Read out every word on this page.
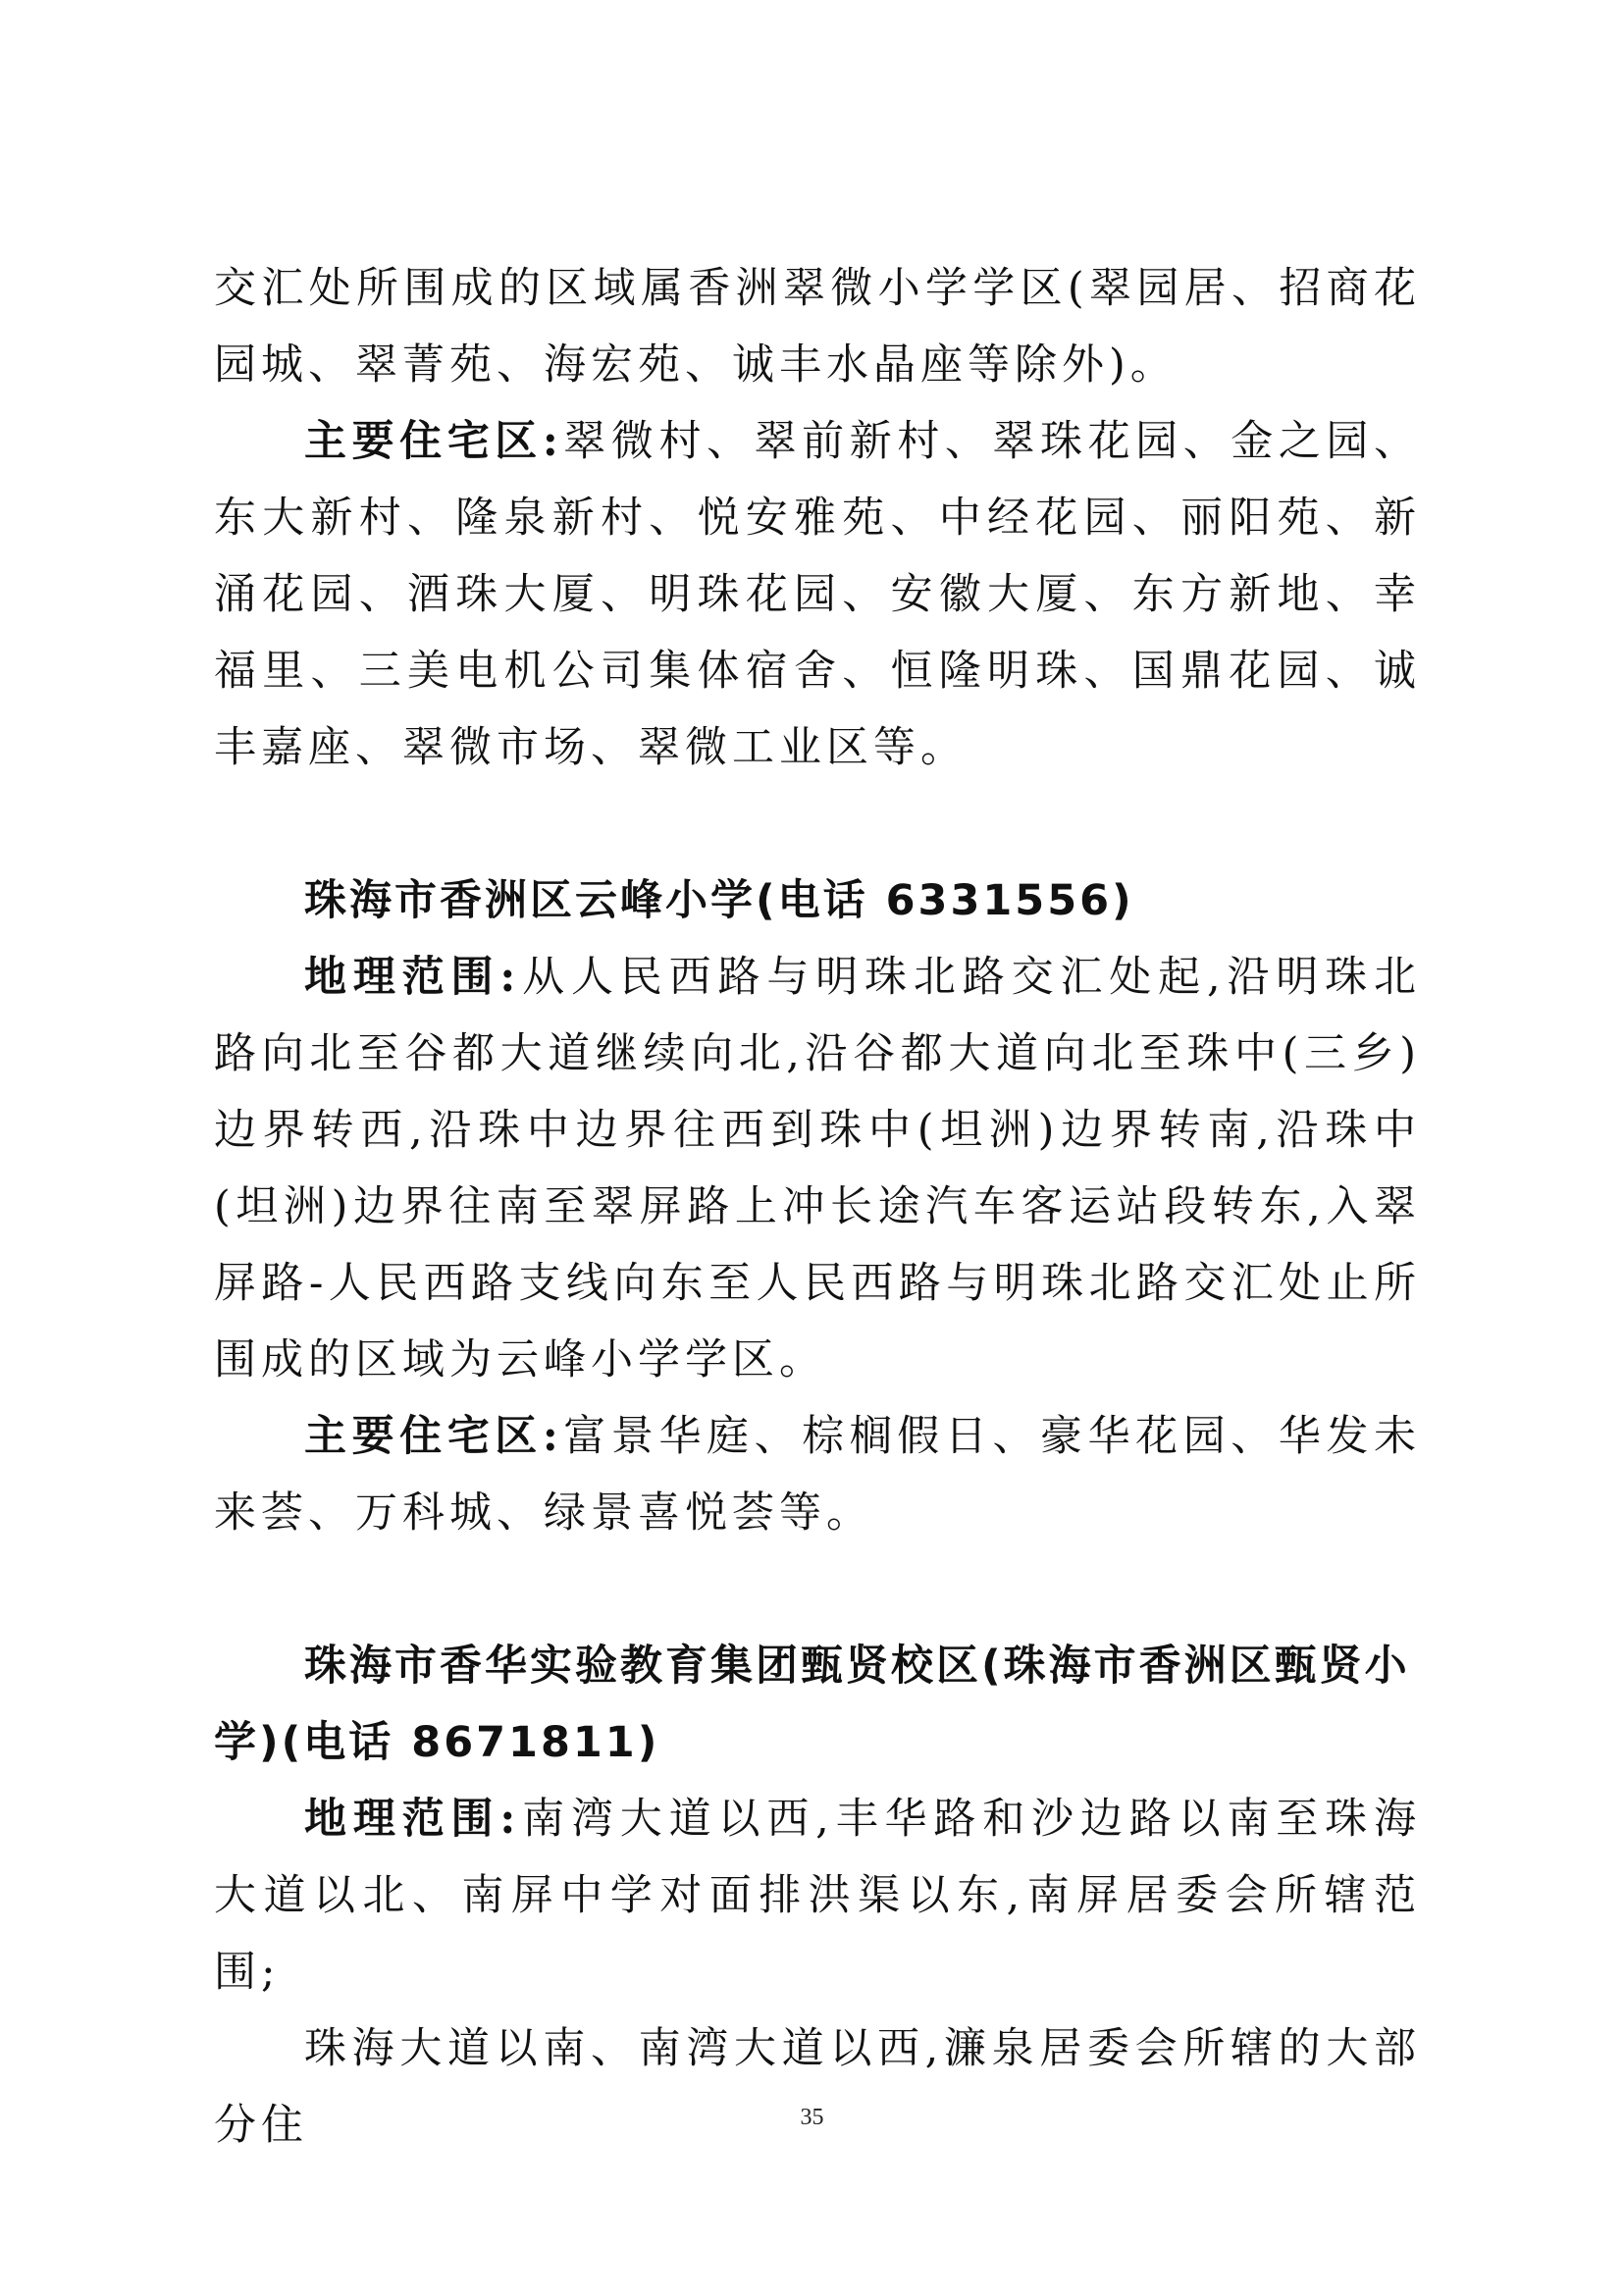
交汇处所围成的区域属香洲翠微小学学区(翠园居、招商花园城、翠菁苑、海宏苑、诚丰水晶座等除外)。

主要住宅区:翠微村、翠前新村、翠珠花园、金之园、东大新村、隆泉新村、悦安雅苑、中经花园、丽阳苑、新涌花园、酒珠大厦、明珠花园、安徽大厦、东方新地、幸福里、三美电机公司集体宿舍、恒隆明珠、国鼎花园、诚丰嘉座、翠微市场、翠微工业区等。

珠海市香洲区云峰小学(电话 6331556)

地理范围:从人民西路与明珠北路交汇处起,沿明珠北路向北至谷都大道继续向北,沿谷都大道向北至珠中(三乡)边界转西,沿珠中边界往西到珠中(坦洲)边界转南,沿珠中(坦洲)边界往南至翠屏路上冲长途汽车客运站段转东,入翠屏路-人民西路支线向东至人民西路与明珠北路交汇处止所围成的区域为云峰小学学区。

主要住宅区:富景华庭、棕榈假日、豪华花园、华发未来荟、万科城、绿景喜悦荟等。

珠海市香华实验教育集团甄贤校区(珠海市香洲区甄贤小学)(电话 8671811)

地理范围:南湾大道以西,丰华路和沙边路以南至珠海大道以北、南屏中学对面排洪渠以东,南屏居委会所辖范围;

珠海大道以南、南湾大道以西,濂泉居委会所辖的大部分住	35
